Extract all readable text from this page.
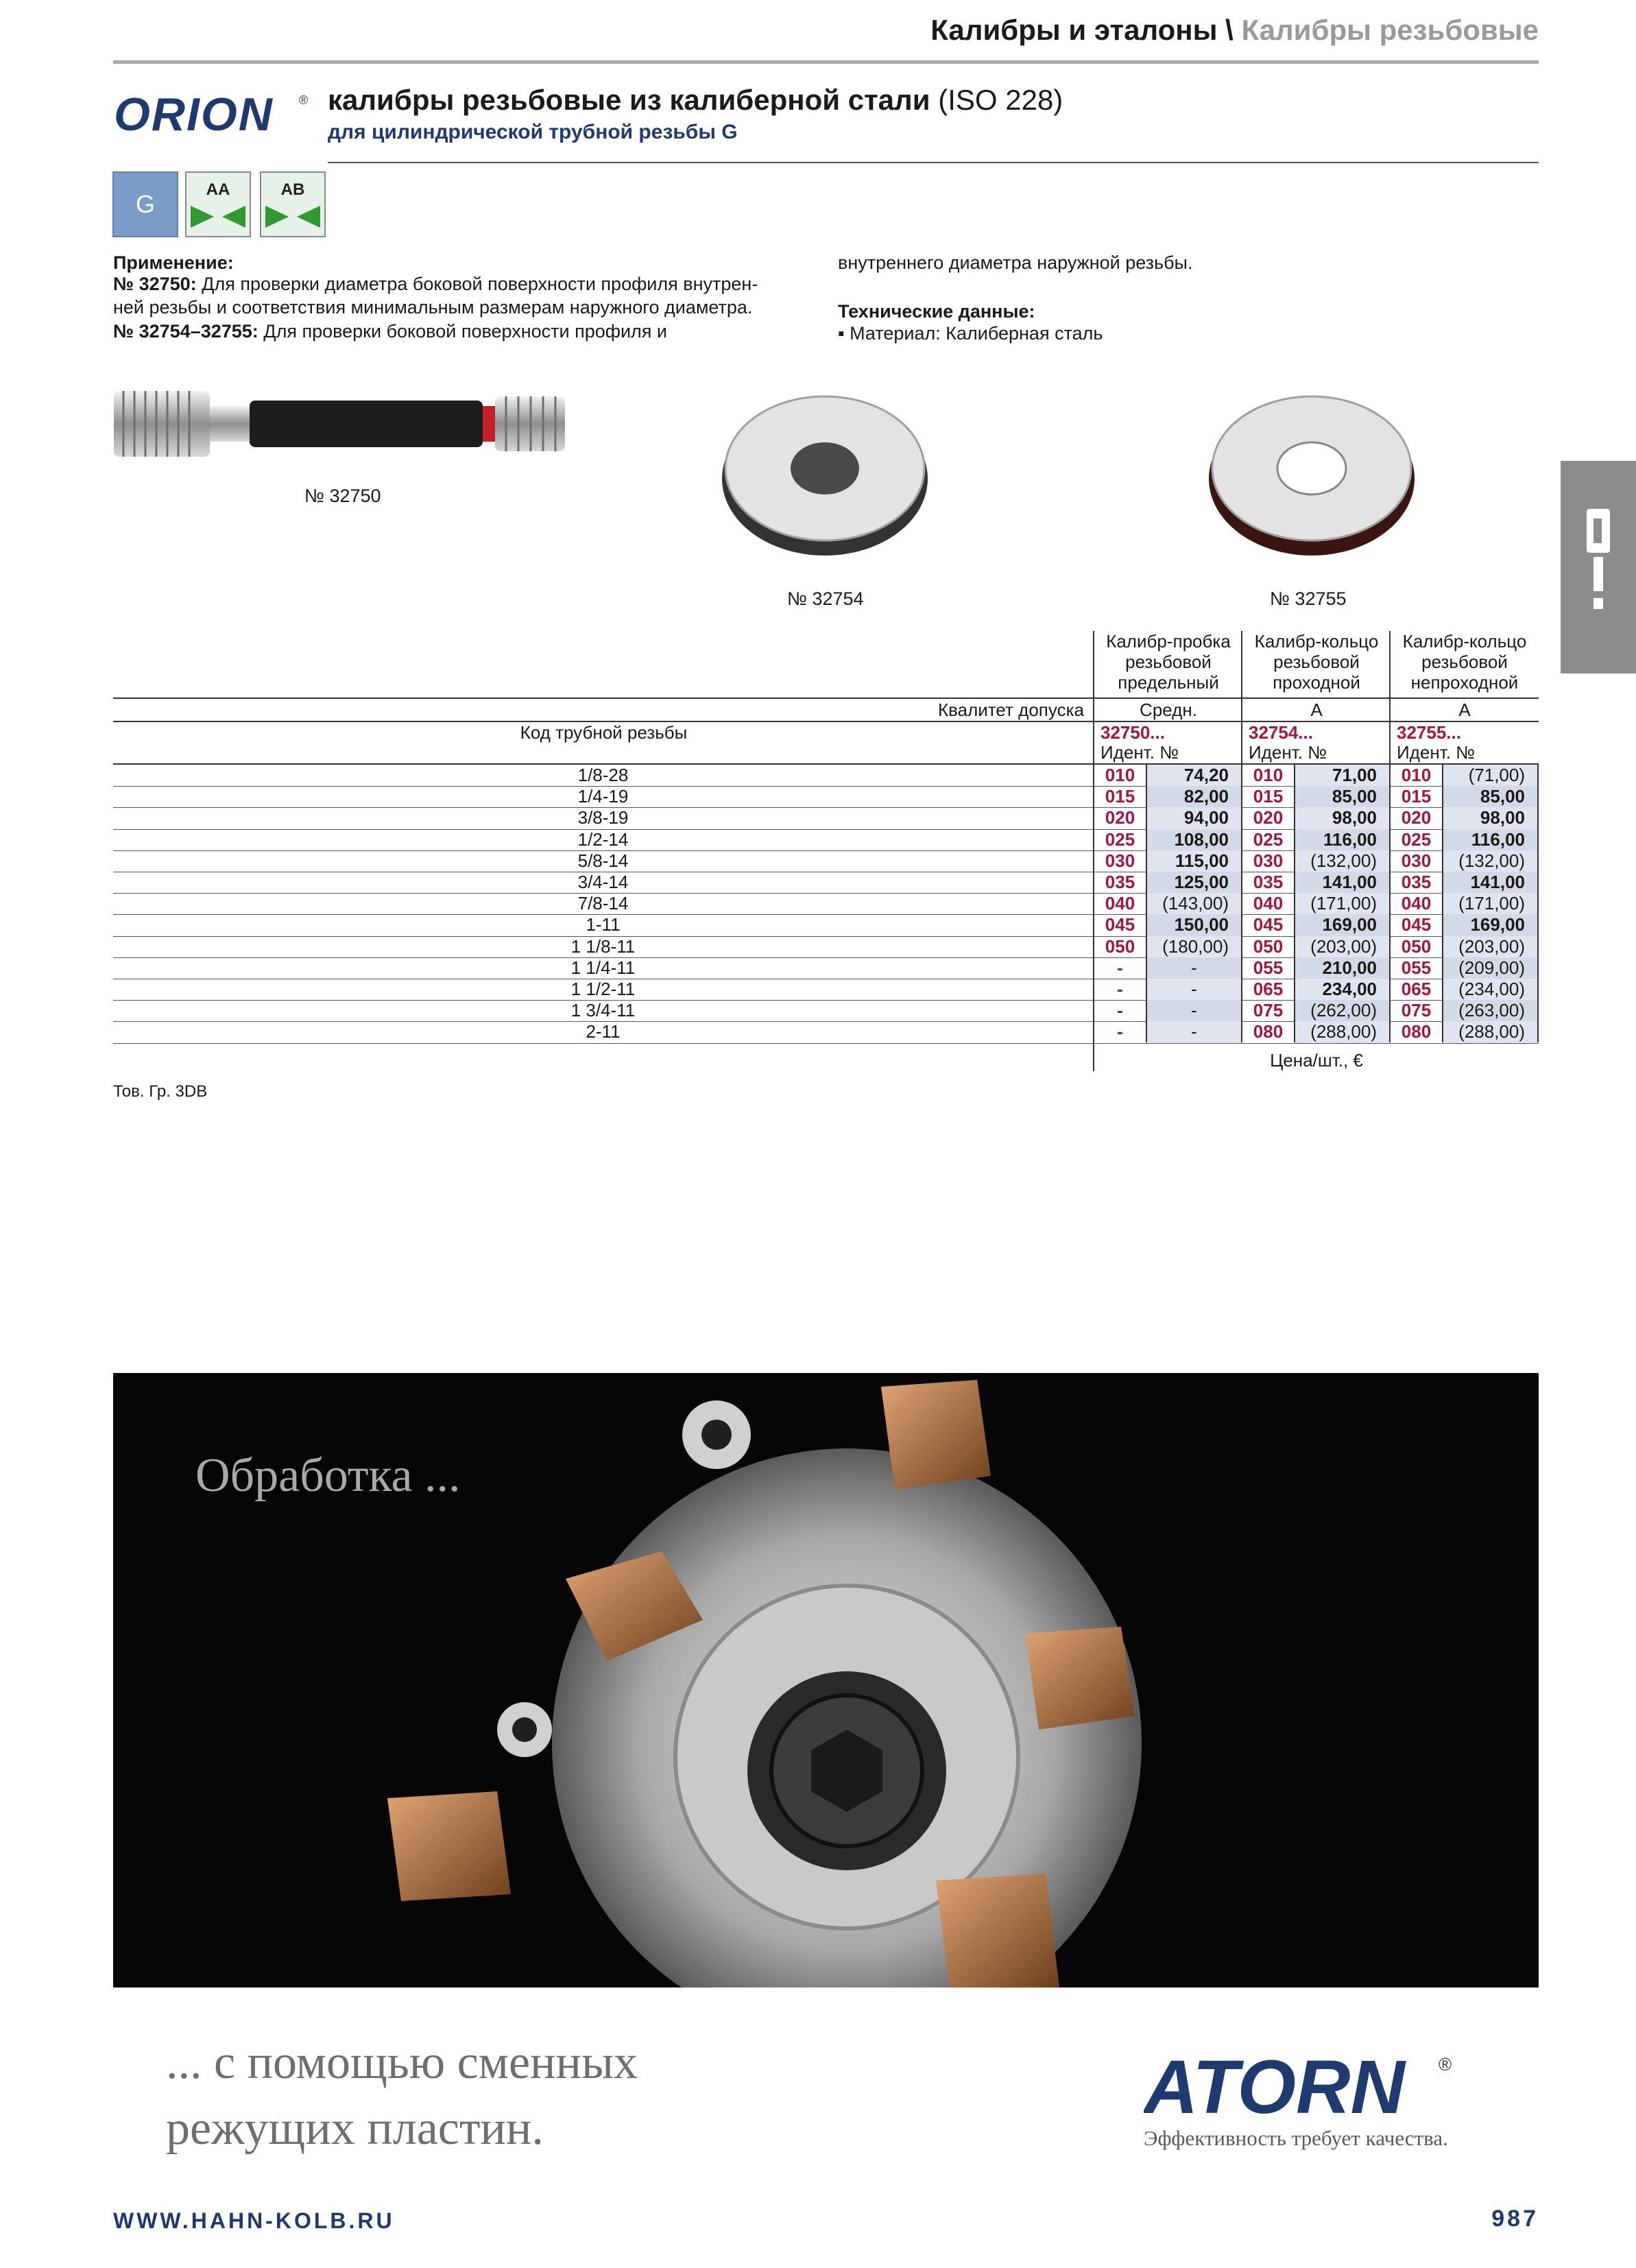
Калибры и эталоны \ Калибры резьбовые
ORION ® калибры резьбовые из калиберной стали (ISO 228)
для цилиндрической трубной резьбы G
G
AA	AB
Применение:
№ 32750: Для проверки диаметра боковой поверхности профиля внутрен-
ней резьбы и соответствия минимальным размерам наружного диаметра.
№ 32754–32755: Для проверки боковой поверхности профиля и
внутреннего диаметра наружной резьбы.
Технические данные:
▪ Материал: Калиберная сталь
№ 32750
№ 32754	№ 32755
Калибр-пробка
резьбовой
предельный
Калибр-кольцо
резьбовой
проходной
Калибр-кольцо
резьбовой
непроходной
Квалитет допуска	Средн.	A	A
Код трубной резьбы	32750...	32754...	32755...
Идент. №	Идент. №	Идент. №
1/8-28	010	74,20	010	71,00	010	(71,00)
1/4-19	015	82,00	015	85,00	015	85,00
3/8-19	020	94,00	020	98,00	020	98,00
1/2-14	025	108,00	025	116,00	025	116,00
5/8-14	030	115,00	030	(132,00)	030	(132,00)
3/4-14	035	125,00	035	141,00	035	141,00
7/8-14	040	(143,00)	040	(171,00)	040	(171,00)
1-11	045	150,00	045	169,00	045	169,00
1 1/8-11	050	(180,00)	050	(203,00)	050	(203,00)
1 1/4-11	-	-	055	210,00	055	(209,00)
1 1/2-11	-	-	065	234,00	065	(234,00)
1 3/4-11	-	-	075	(262,00)	075	(263,00)
2-11	-	-	080	(288,00)	080	(288,00)
Цена/шт., €
Тов. Гр. 3DB
Обработка ...
... с помощью сменных
режущих пластин.	ATORN ®
Эффективность требует качества.
WWW.HAHN-KOLB.RU	987
